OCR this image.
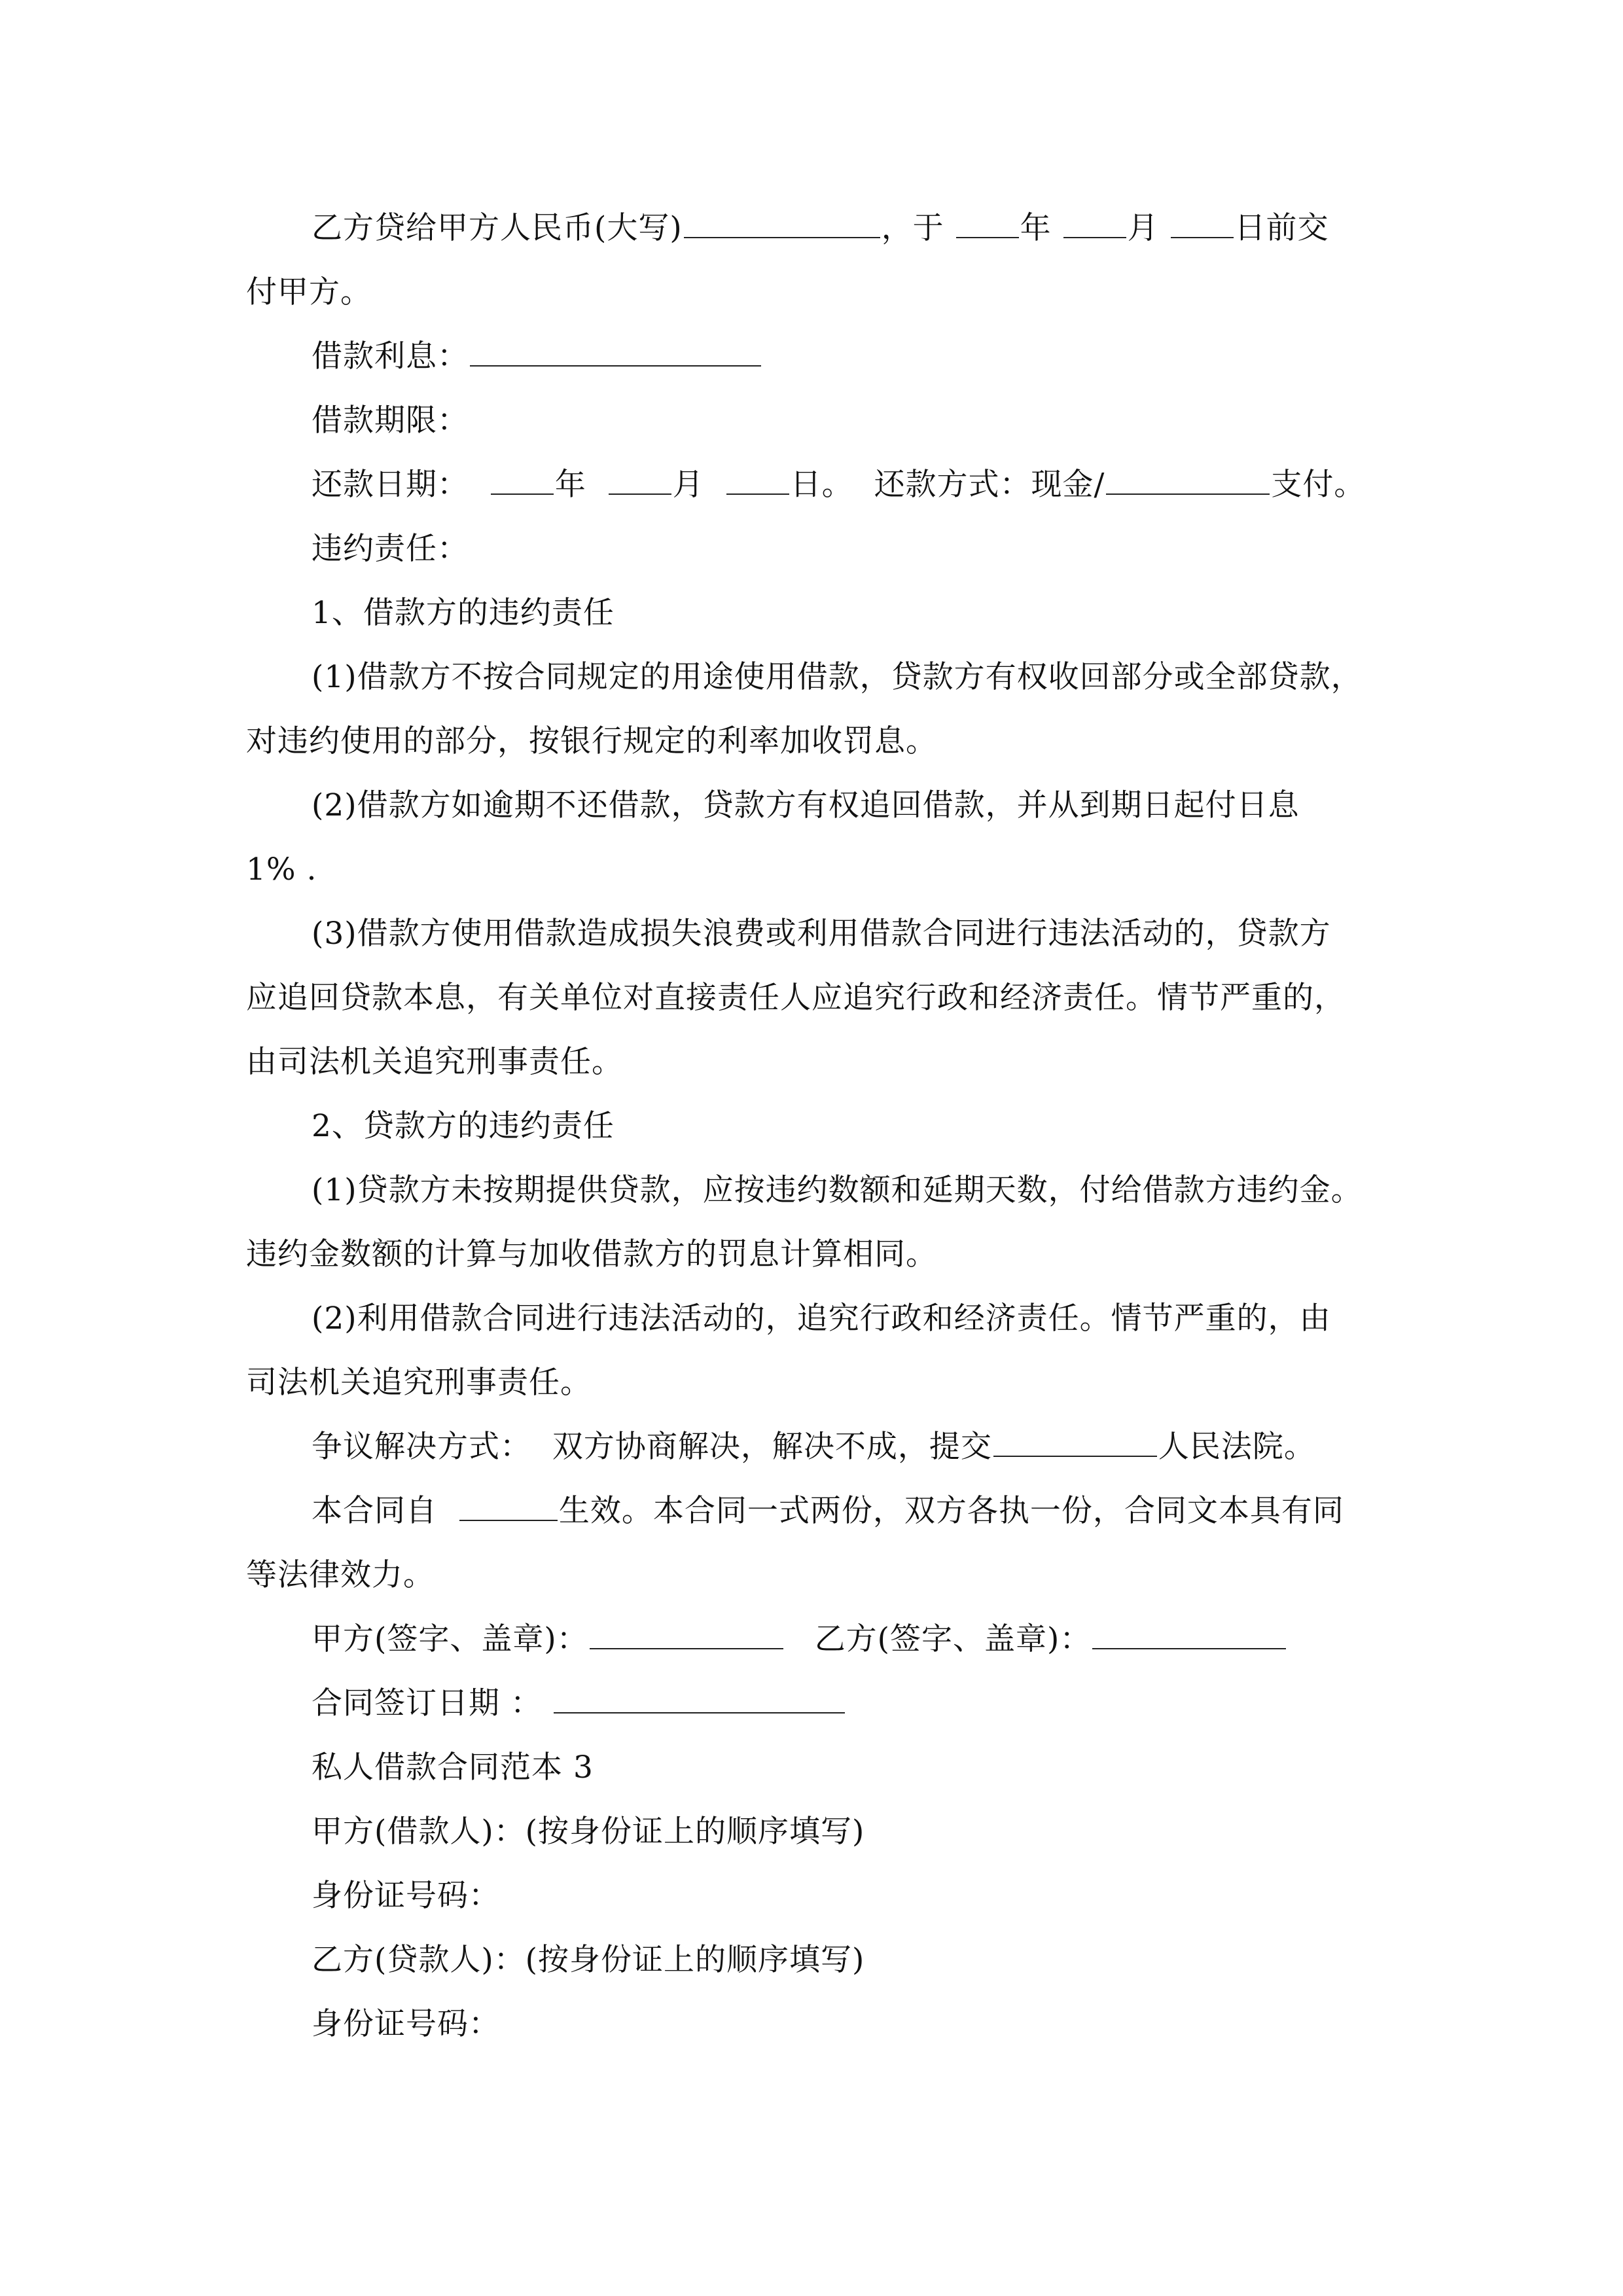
乙方贷给甲方人民币(大写)	，于 年 月 日前交
付甲方。
借款利息：
借款期限：
还款日期：	年	月	日。 还款方式：现金/	支付。
违约责任：
1、借款方的违约责任
(1)借款方不按合同规定的用途使用借款，贷款方有权收回部分或全部贷款，
对违约使用的部分，按银行规定的利率加收罚息。
(2)借款方如逾期不还借款，贷款方有权追回借款，并从到期日起付日息
1% .
(3)借款方使用借款造成损失浪费或利用借款合同进行违法活动的，贷款方
应追回贷款本息，有关单位对直接责任人应追究行政和经济责任。情节严重的，
由司法机关追究刑事责任。
2、贷款方的违约责任
(1)贷款方未按期提供贷款，应按违约数额和延期天数，付给借款方违约金。
违约金数额的计算与加收借款方的罚息计算相同。
(2)利用借款合同进行违法活动的，追究行政和经济责任。情节严重的，由
司法机关追究刑事责任。
争议解决方式： 双方协商解决，解决不成，提交	人民法院。
本合同自	生效。本合同一式两份，双方各执一份，合同文本具有同
等法律效力。
甲方(签字、盖章)：	乙方(签字、盖章)：
合同签订日期 ：
私人借款合同范本 3
甲方(借款人)：(按身份证上的顺序填写)
身份证号码：
乙方(贷款人)：(按身份证上的顺序填写)
身份证号码：
